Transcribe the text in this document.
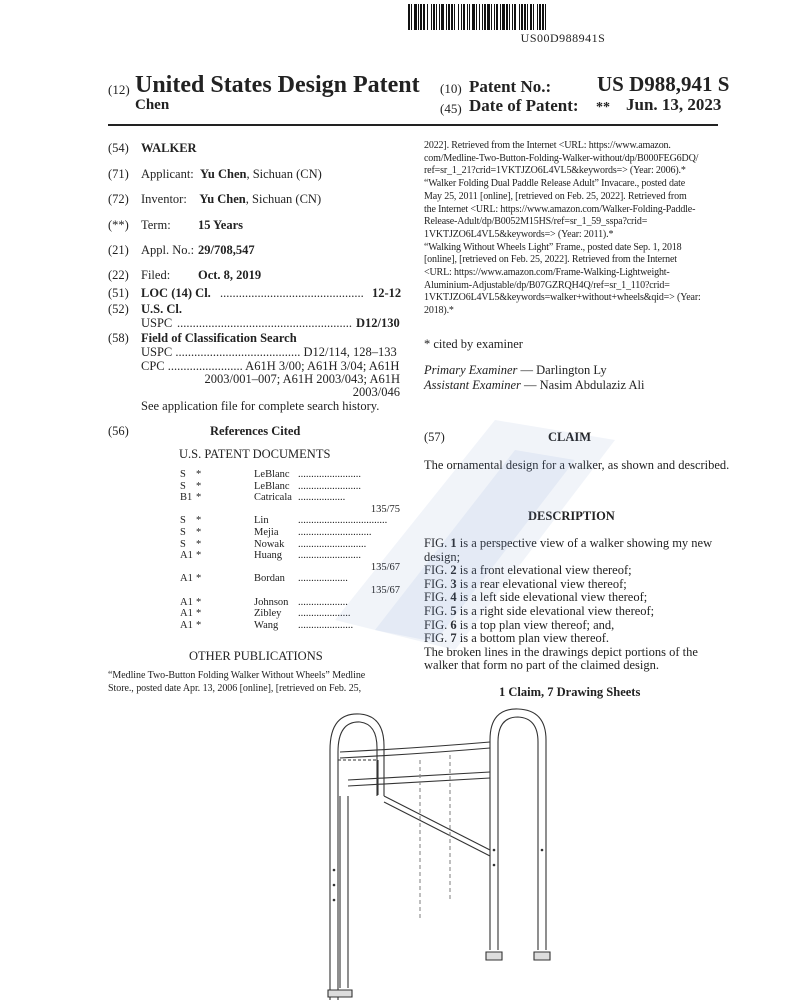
US00D988941S
(12) United States Design Patent
Chen
(10) Patent No.: US D988,941 S
(45) Date of Patent: ** Jun. 13, 2023
(54) WALKER
(71) Applicant: Yu Chen, Sichuan (CN)
(72) Inventor: Yu Chen, Sichuan (CN)
(**) Term: 15 Years
(21) Appl. No.: 29/708,547
(22) Filed: Oct. 8, 2019
(51) LOC (14) Cl. .............................................. 12-12
(52) U.S. Cl.
USPC ........................................................ D12/130
(58) Field of Classification Search
USPC ........................................ D12/114, 128–133
CPC ........................ A61H 3/00; A61H 3/04; A61H
2003/001–007; A61H 2003/043; A61H
2003/046
See application file for complete search history.
(56)	References Cited
U.S. PATENT DOCUMENTS
S *	LeBlanc ........................
S *	LeBlanc ........................
B1 *	Catricala ..................
135/75
S *	Lin	..................................
S *	Mejia ............................
S *	Nowak ..........................
A1 *	Huang ........................
135/67
A1 *	Bordan ...................
135/67
A1 *	Johnson ...................
A1 *	Zibley ....................
A1 *	Wang .....................
OTHER PUBLICATIONS
“Medline Two-Button Folding Walker Without Wheels” Medline
Store., posted date Apr. 13, 2006 [online], [retrieved on Feb. 25,
2022]. Retrieved from the Internet <URL: https://www.amazon.
com/Medline-Two-Button-Folding-Walker-without/dp/B000FEG6DQ/
ref=sr_1_21?crid=1VKTJZO6L4VL5&keywords=> (Year: 2006).*
“Walker Folding Dual Paddle Release Adult” Invacare., posted date
May 25, 2011 [online], [retrieved on Feb. 25, 2022]. Retrieved from
the Internet <URL: https://www.amazon.com/Walker-Folding-Paddle-
Release-Adult/dp/B0052M15HS/ref=sr_1_59_sspa?crid=
1VKTJZO6L4VL5&keywords=> (Year: 2011).*
“Walking Without Wheels Light” Frame., posted date Sep. 1, 2018
[online], [retrieved on Feb. 25, 2022]. Retrieved from the Internet
<URL: https://www.amazon.com/Frame-Walking-Lightweight-
Aluminium-Adjustable/dp/B07GZRQH4Q/ref=sr_1_110?crid=
1VKTJZO6L4VL5&keywords=walker+without+wheels&qid=> (Year:
2018).*
* cited by examiner
Primary Examiner — Darlington Ly
Assistant Examiner — Nasim Abdulaziz Ali
(57)	CLAIM
The ornamental design for a walker, as shown and described.
DESCRIPTION
FIG. 1 is a perspective view of a walker showing my new
design;
FIG. 2 is a front elevational view thereof;
FIG. 3 is a rear elevational view thereof;
FIG. 4 is a left side elevational view thereof;
FIG. 5 is a right side elevational view thereof;
FIG. 6 is a top plan view thereof; and,
FIG. 7 is a bottom plan view thereof.
The broken lines in the drawings depict portions of the
walker that form no part of the claimed design.
1 Claim, 7 Drawing Sheets
